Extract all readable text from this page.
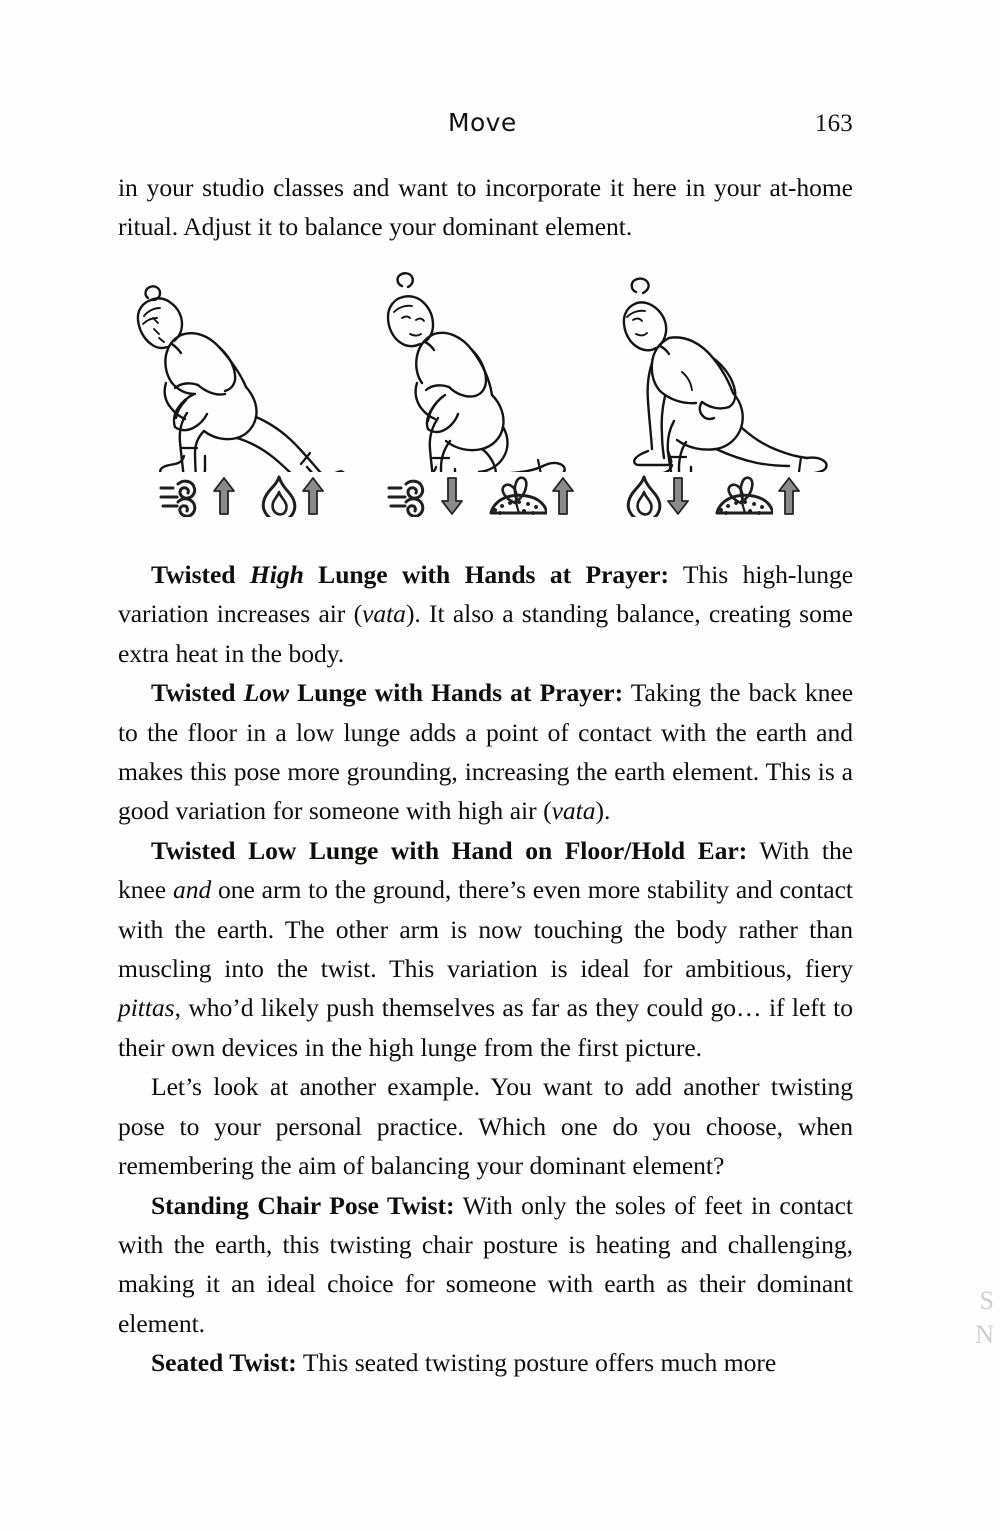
Move	163

in your studio classes and want to incorporate it here in your at-home ritual. Adjust it to balance your dominant element.

Twisted High Lunge with Hands at Prayer: This high-lunge variation increases air (vata). It also a standing balance, creating some extra heat in the body.

Twisted Low Lunge with Hands at Prayer: Taking the back knee to the floor in a low lunge adds a point of contact with the earth and makes this pose more grounding, increasing the earth element. This is a good variation for someone with high air (vata).

Twisted Low Lunge with Hand on Floor/Hold Ear: With the knee and one arm to the ground, there’s even more stability and contact with the earth. The other arm is now touching the body rather than muscling into the twist. This variation is ideal for ambitious, fiery pittas, who’d likely push themselves as far as they could go… if left to their own devices in the high lunge from the first picture.

Let’s look at another example. You want to add another twisting pose to your personal practice. Which one do you choose, when remembering the aim of balancing your dominant element?

Standing Chair Pose Twist: With only the soles of feet in contact with the earth, this twisting chair posture is heating and challenging, making it an ideal choice for someone with earth as their dominant element.

Seated Twist: This seated twisting posture offers much more

S
N
